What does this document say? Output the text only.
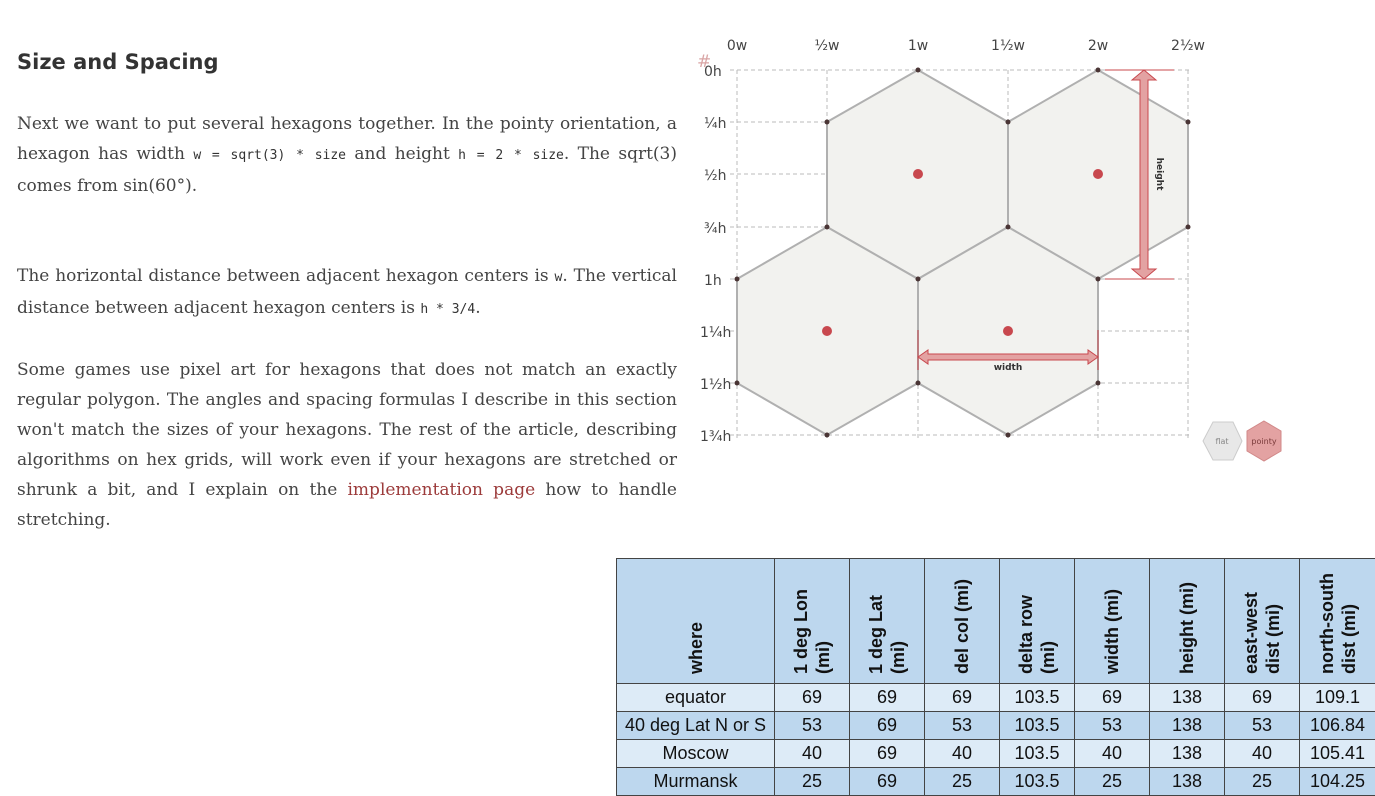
Size and Spacing	#

Next we want to put several hexagons together. In the pointy orientation, a hexagon has width w = sqrt(3) * size and height h = 2 * size. The sqrt(3) comes from sin(60°).

The horizontal distance between adjacent hexagon centers is w. The vertical distance between adjacent hexagon centers is h * 3/4.

Some games use pixel art for hexagons that does not match an exactly regular polygon. The angles and spacing formulas I describe in this section won't match the sizes of your hexagons. The rest of the article, describing algorithms on hex grids, will work even if your hexagons are stretched or shrunk a bit, and I explain on the implementation page how to handle stretching.

0w	½w	1w	1½w	2w	2½w
0h
¼h
½h
¾h
1h
1¼h
1½h
1¾h
height
width
flat	pointy
where	1 deg Lon (mi)	1 deg Lat (mi)	del col (mi)	delta row (mi)	width (mi)	height (mi)	east-west dist (mi)	north-south dist (mi)
equator	69	69	69	103.5	69	138	69	109.1
40 deg Lat N or S	53	69	53	103.5	53	138	53	106.84
Moscow	40	69	40	103.5	40	138	40	105.41
Murmansk	25	69	25	103.5	25	138	25	104.25
